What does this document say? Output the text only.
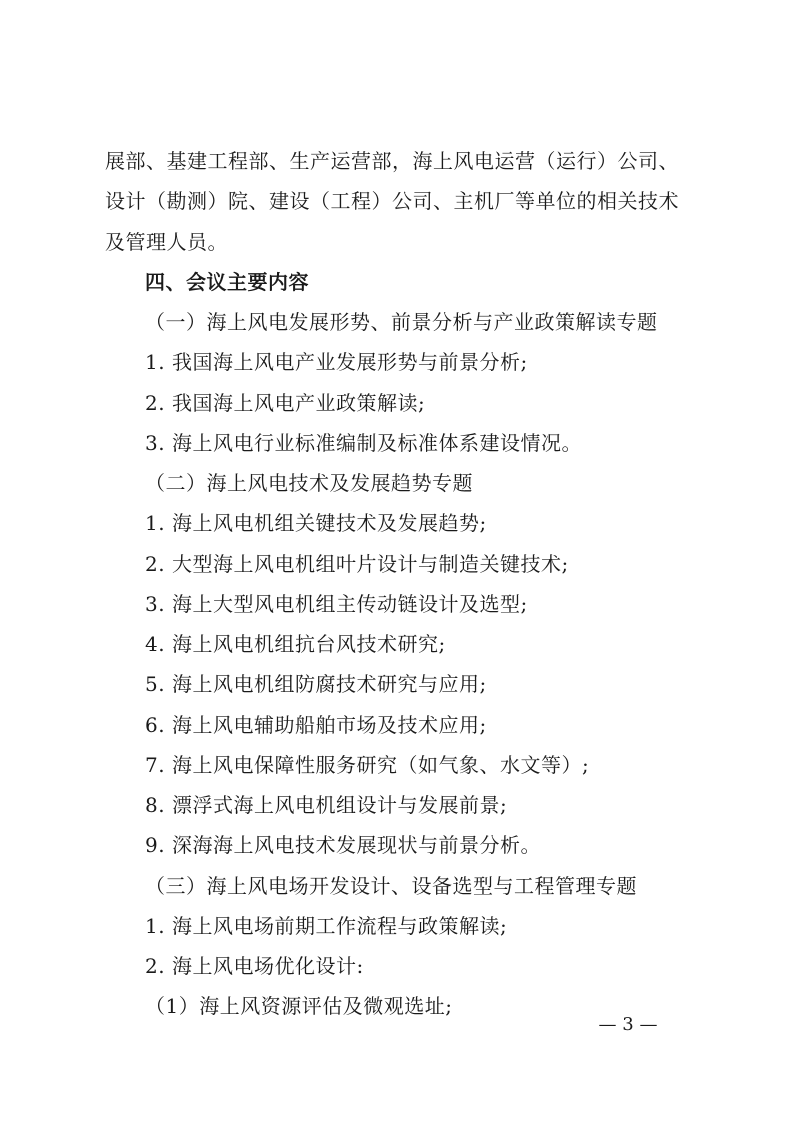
展部、基建工程部、生产运营部，海上风电运营（运行）公司、
设计（勘测）院、建设（工程）公司、主机厂等单位的相关技术
及管理人员。
四、会议主要内容
（一）海上风电发展形势、前景分析与产业政策解读专题
1. 我国海上风电产业发展形势与前景分析;
2. 我国海上风电产业政策解读;
3. 海上风电行业标准编制及标准体系建设情况。
（二）海上风电技术及发展趋势专题
1. 海上风电机组关键技术及发展趋势;
2. 大型海上风电机组叶片设计与制造关键技术;
3. 海上大型风电机组主传动链设计及选型;
4. 海上风电机组抗台风技术研究;
5. 海上风电机组防腐技术研究与应用;
6. 海上风电辅助船舶市场及技术应用;
7. 海上风电保障性服务研究（如气象、水文等）;
8. 漂浮式海上风电机组设计与发展前景;
9. 深海海上风电技术发展现状与前景分析。
（三）海上风电场开发设计、设备选型与工程管理专题
1. 海上风电场前期工作流程与政策解读;
2. 海上风电场优化设计:
（1）海上风资源评估及微观选址;
— 3 —
